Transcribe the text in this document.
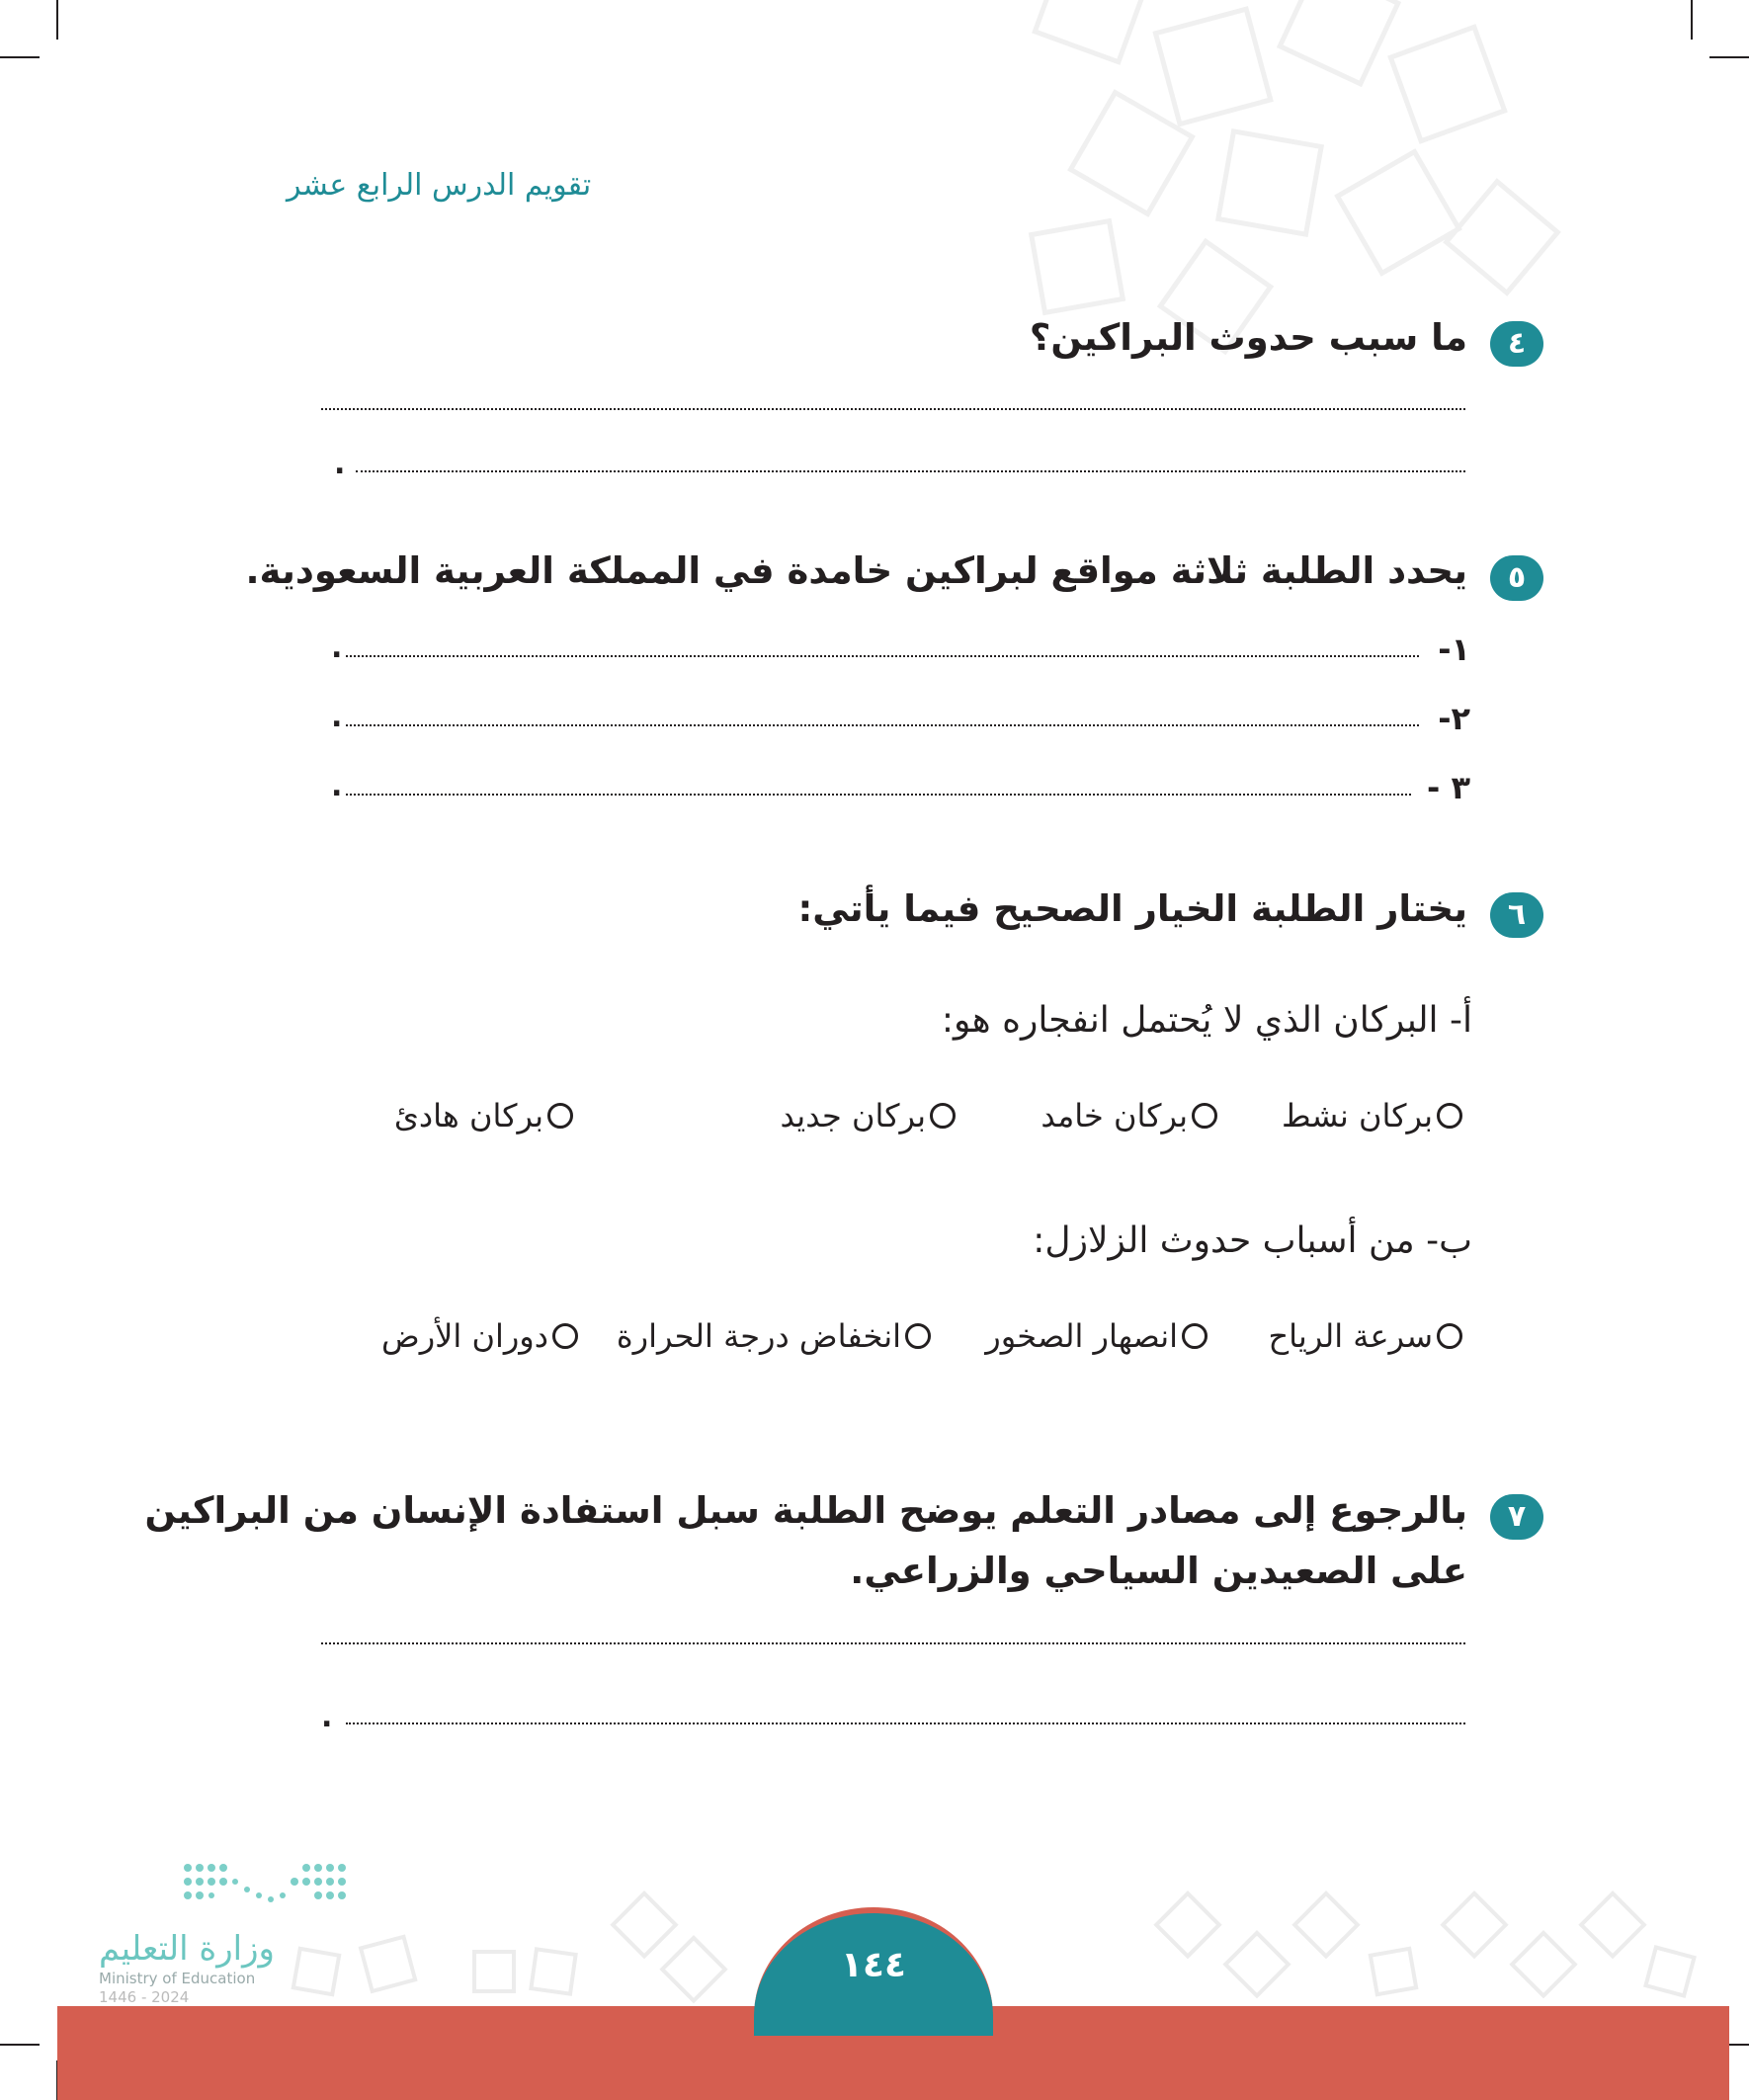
تقويم الدرس الرابع عشر
٤
ما سبب حدوث البراكين؟
.
٥
يحدد الطلبة ثلاثة مواقع لبراكين خامدة في المملكة العربية السعودية.
١-
.
٢-
.
٣ -
.
٦
يختار الطلبة الخيار الصحيح فيما يأتي:
أ- البركان الذي لا يُحتمل انفجاره هو:
بركان نشط
بركان خامد
بركان جديد
بركان هادئ
ب- من أسباب حدوث الزلازل:
سرعة الرياح
انصهار الصخور
انخفاض درجة الحرارة
دوران الأرض
٧
بالرجوع إلى مصادر التعلم يوضح الطلبة سبل استفادة الإنسان من البراكين
على الصعيدين السياحي والزراعي.
.
وزارة التعليم
Ministry of Education
2024 - 1446
١٤٤
